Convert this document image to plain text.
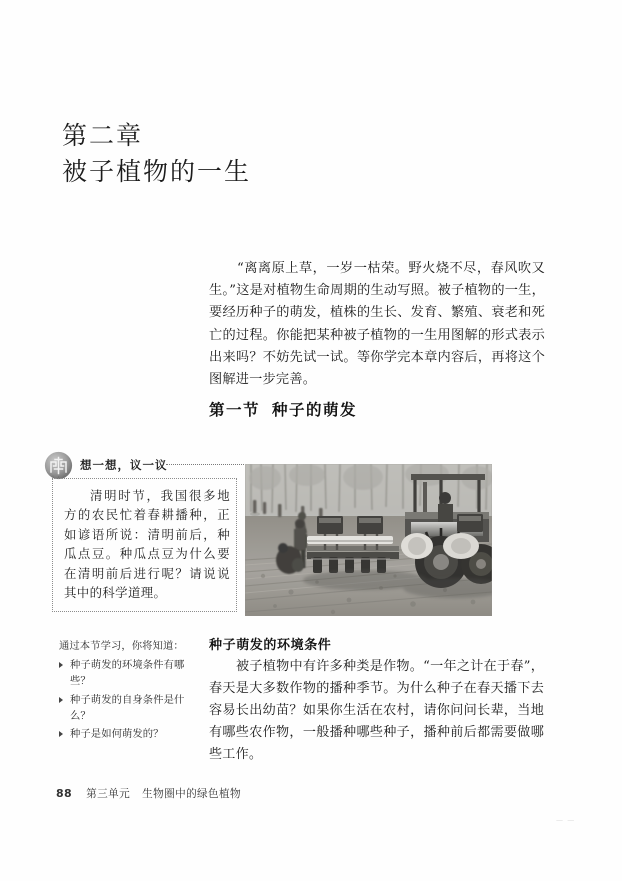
第二章
被子植物的一生
“离离原上草，一岁一枯荣。野火烧不尽，春风吹又生。”这是对植物生命周期的生动写照。被子植物的一生，要经历种子的萌发，植株的生长、发育、繁殖、衰老和死亡的过程。你能把某种被子植物的一生用图解的形式表示出来吗？不妨先试一试。等你学完本章内容后，再将这个图解进一步完善。
第一节 种子的萌发
想一想，议一议
清明时节，我国很多地方的农民忙着春耕播种，正如谚语所说：清明前后，种瓜点豆。种瓜点豆为什么要在清明前后进行呢？请说说其中的科学道理。
通过本节学习，你将知道：
种子萌发的环境条件有哪些？
种子萌发的自身条件是什么？
种子是如何萌发的？
种子萌发的环境条件
被子植物中有许多种类是作物。“一年之计在于春”，春天是大多数作物的播种季节。为什么种子在春天播下去容易长出幼苗？如果你生活在农村，请你问问长辈，当地有哪些农作物，一般播种哪些种子，播种前后都需要做哪些工作。
88 第三单元 生物圈中的绿色植物
— —
